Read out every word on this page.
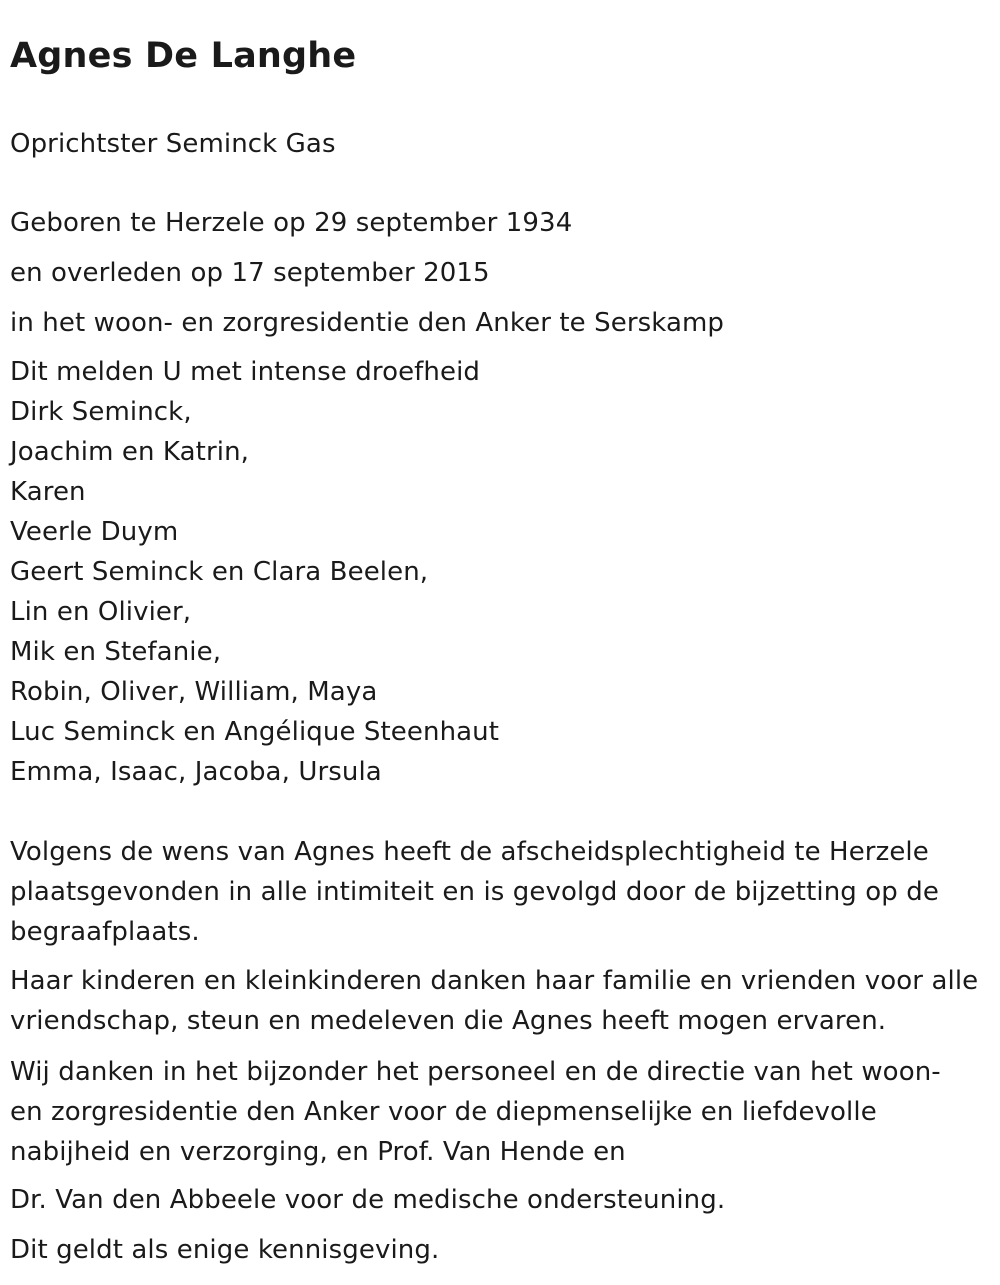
Agnes De Langhe

Oprichtster Seminck Gas

Geboren te Herzele op 29 september 1934

en overleden op 17 september 2015

in het woon- en zorgresidentie den Anker te Serskamp

Dit melden U met intense droefheid

Dirk Seminck,

Joachim en Katrin,

Karen

Veerle Duym

Geert Seminck en Clara Beelen,

Lin en Olivier,

Mik en Stefanie,

Robin, Oliver, William, Maya

Luc Seminck en Angélique Steenhaut

Emma, Isaac, Jacoba, Ursula

Volgens de wens van Agnes heeft de afscheidsplechtigheid te Herzele
plaatsgevonden in alle intimiteit en is gevolgd door de bijzetting op de
begraafplaats.
Haar kinderen en kleinkinderen danken haar familie en vrienden voor alle
vriendschap, steun en medeleven die Agnes heeft mogen ervaren.
Wij danken in het bijzonder het personeel en de directie van het woon-
en zorgresidentie den Anker voor de diepmenselijke en liefdevolle
nabijheid en verzorging, en Prof. Van Hende en

Dr. Van den Abbeele voor de medische ondersteuning.

Dit geldt als enige kennisgeving.
